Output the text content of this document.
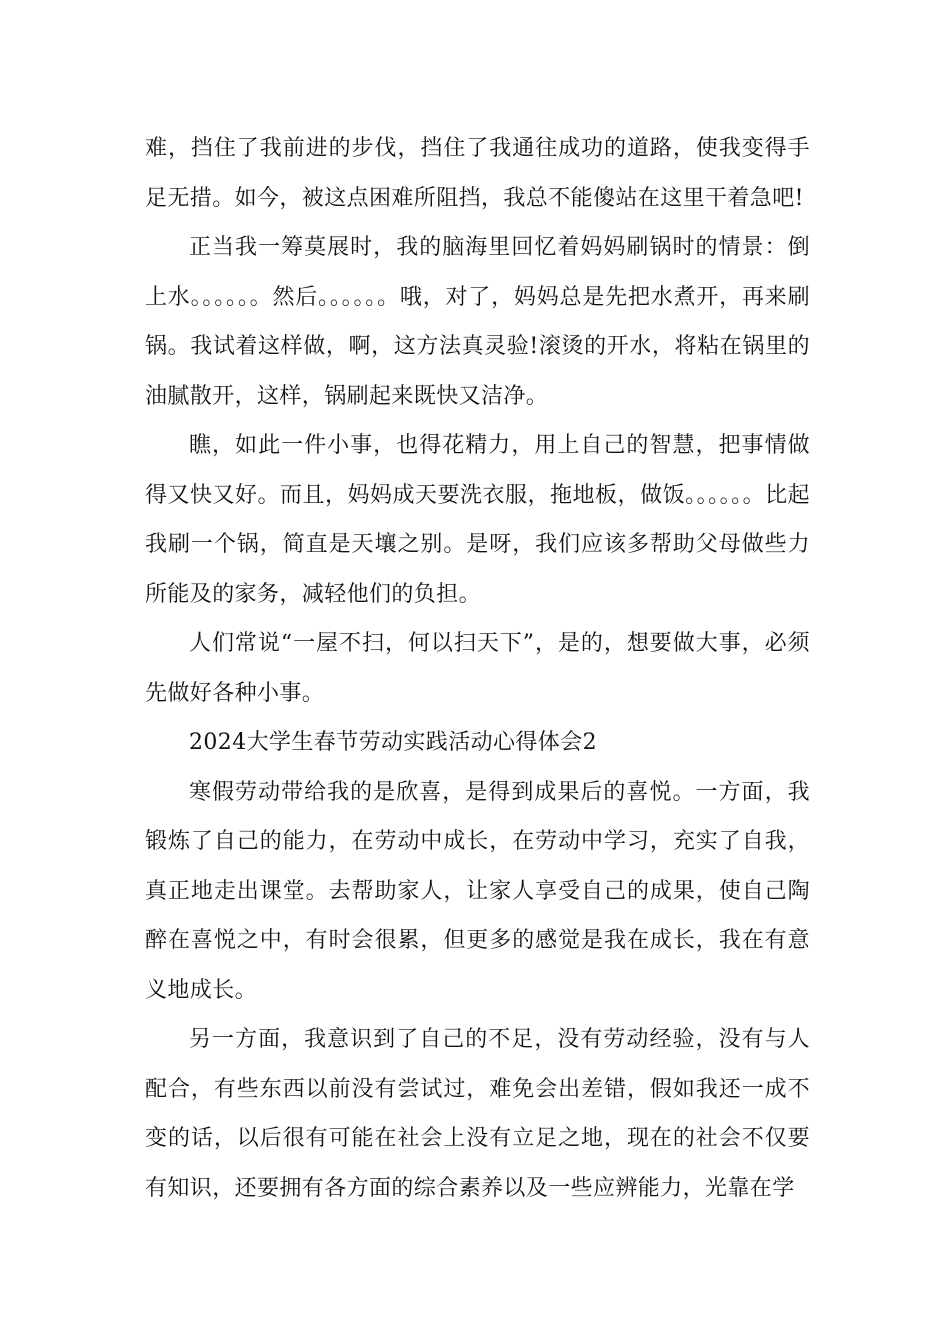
难，挡住了我前进的步伐，挡住了我通往成功的道路，使我变得手足无措。如今，被这点困难所阻挡，我总不能傻站在这里干着急吧!

正当我一筹莫展时，我的脑海里回忆着妈妈刷锅时的情景：倒上水。。。。。。然后。。。。。。哦，对了，妈妈总是先把水煮开，再来刷锅。我试着这样做，啊，这方法真灵验!滚烫的开水，将粘在锅里的油腻散开，这样，锅刷起来既快又洁净。

瞧，如此一件小事，也得花精力，用上自己的智慧，把事情做得又快又好。而且，妈妈成天要洗衣服，拖地板，做饭。。。。。。比起我刷一个锅，简直是天壤之别。是呀，我们应该多帮助父母做些力所能及的家务，减轻他们的负担。

人们常说“一屋不扫，何以扫天下”，是的，想要做大事，必须先做好各种小事。

2024大学生春节劳动实践活动心得体会2

寒假劳动带给我的是欣喜，是得到成果后的喜悦。一方面，我锻炼了自己的能力，在劳动中成长，在劳动中学习，充实了自我，真正地走出课堂。去帮助家人，让家人享受自己的成果，使自己陶醉在喜悦之中，有时会很累，但更多的感觉是我在成长，我在有意义地成长。

另一方面，我意识到了自己的不足，没有劳动经验，没有与人配合，有些东西以前没有尝试过，难免会出差错，假如我还一成不变的话，以后很有可能在社会上没有立足之地，现在的社会不仅要有知识，还要拥有各方面的综合素养以及一些应辨能力，光靠在学
